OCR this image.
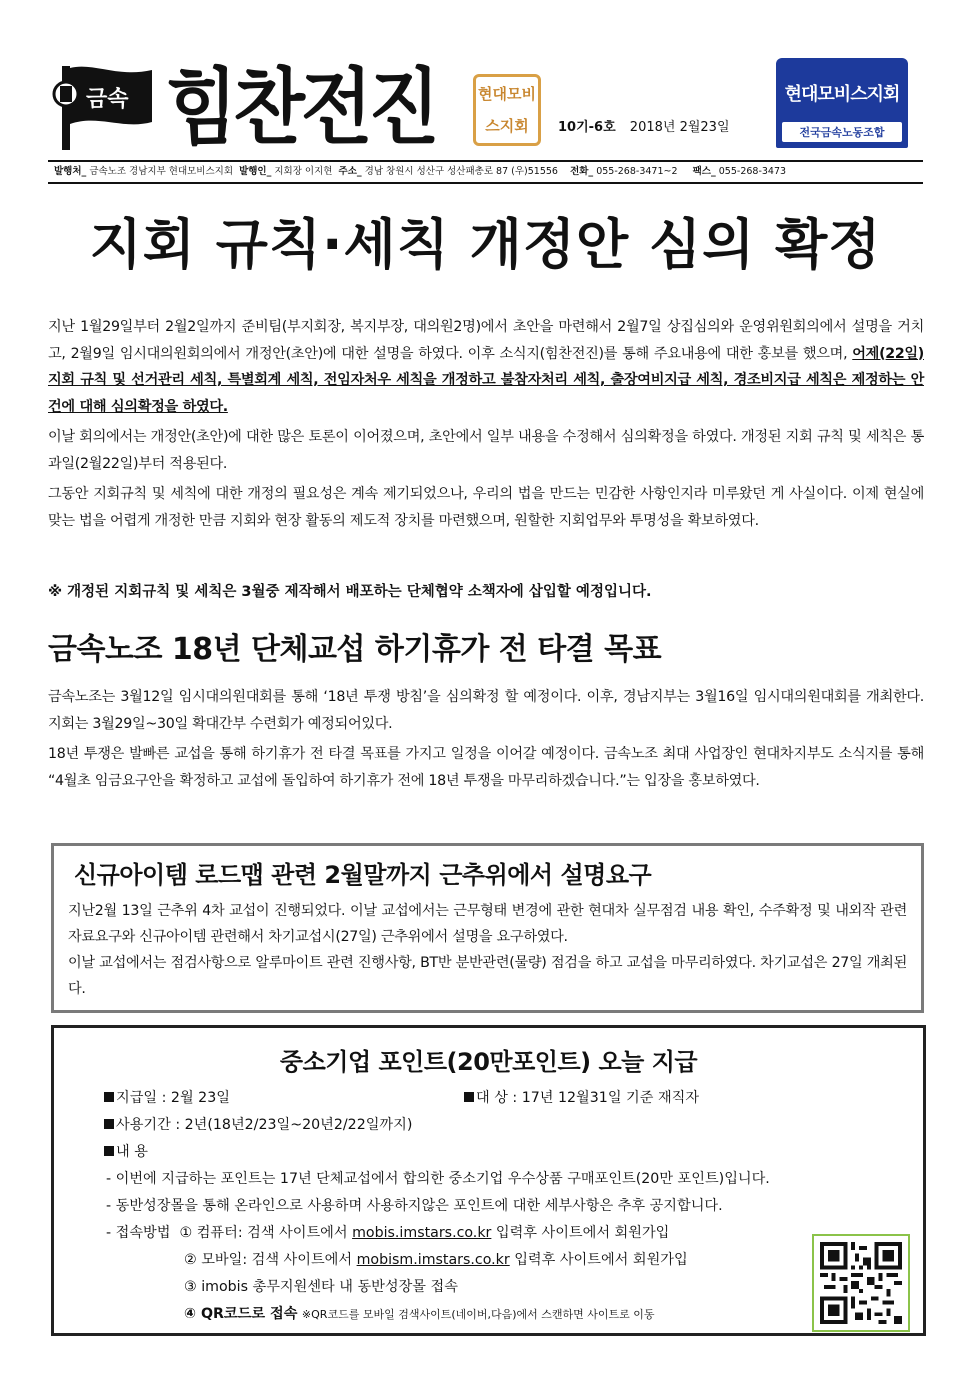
금속 힘찬전진	현대모비스지회	10기-6호 2018년 2월23일
현대모비스지회
전국금속노동조합
발행처_ 금속노조 경남지부 현대모비스지회 발행인_ 지회장 이지현 주소_ 경남 창원시 성산구 성산패총로 87 (우)51556 전화_ 055-268-3471~2 팩스_ 055-268-3473
지회 규칙·세칙 개정안 심의 확정

지난 1월29일부터 2월2일까지 준비팀(부지회장, 복지부장, 대의원2명)에서 초안을 마련해서 2월7일 상집심의와 운영위원회의에서 설명을 거치고, 2월9일 임시대의원회의에서 개정안(초안)에 대한 설명을 하였다. 이후 소식지(힘찬전진)를 통해 주요내용에 대한 홍보를 했으며, 어제(22일) 지회 규칙 및 선거관리 세칙, 특별회계 세칙, 전임자처우 세칙을 개정하고 불참자처리 세칙, 출장여비지급 세칙, 경조비지급 세칙은 제정하는 안건에 대해 심의확정을 하였다.

이날 회의에서는 개정안(초안)에 대한 많은 토론이 이어졌으며, 초안에서 일부 내용을 수정해서 심의확정을 하였다. 개정된 지회 규칙 및 세칙은 통과일(2월22일)부터 적용된다.

그동안 지회규칙 및 세칙에 대한 개정의 필요성은 계속 제기되었으나, 우리의 법을 만드는 민감한 사항인지라 미루왔던 게 사실이다. 이제 현실에 맞는 법을 어렵게 개정한 만큼 지회와 현장 활동의 제도적 장치를 마련했으며, 원할한 지회업무와 투명성을 확보하였다.

※ 개정된 지회규칙 및 세칙은 3월중 제작해서 배포하는 단체협약 소책자에 삽입할 예정입니다.
금속노조 18년 단체교섭 하기휴가 전 타결 목표

금속노조는 3월12일 임시대의원대회를 통해 ‘18년 투쟁 방침’을 심의확정 할 예정이다. 이후, 경남지부는 3월16일 임시대의원대회를 개최한다. 지회는 3월29일~30일 확대간부 수련회가 예정되어있다.

18년 투쟁은 발빠른 교섭을 통해 하기휴가 전 타결 목표를 가지고 일정을 이어갈 예정이다. 금속노조 최대 사업장인 현대차지부도 소식지를 통해 “4월초 임금요구안을 확정하고 교섭에 돌입하여 하기휴가 전에 18년 투쟁을 마무리하겠습니다.”는 입장을 홍보하였다.

신규아이템 로드맵 관련 2월말까지 근추위에서 설명요구

지난2월 13일 근추위 4차 교섭이 진행되었다. 이날 교섭에서는 근무형태 변경에 관한 현대차 실무점검 내용 확인, 수주확정 및 내외작 관련 자료요구와 신규아이템 관련해서 차기교섭시(27일) 근추위에서 설명을 요구하였다.

이날 교섭에서는 점검사항으로 알루마이트 관련 진행사항, BT반 분반관련(물량) 점검을 하고 교섭을 마무리하였다. 차기교섭은 27일 개최된다.

중소기업 포인트(20만포인트) 오늘 지급
지급일 : 2월 23일	대 상 : 17년 12월31일 기준 재직자
사용기간 : 2년(18년2/23일~20년2/22일까지)
내 용
- 이번에 지급하는 포인트는 17년 단체교섭에서 합의한 중소기업 우수상품 구매포인트(20만 포인트)입니다.
- 동반성장몰을 통해 온라인으로 사용하며 사용하지않은 포인트에 대한 세부사항은 추후 공지합니다.
- 접속방법 ① 컴퓨터: 검색 사이트에서 mobis.imstars.co.kr 입력후 사이트에서 회원가입
② 모바일: 검색 사이트에서 mobism.imstars.co.kr 입력후 사이트에서 회원가입
③ imobis 총무지원센타 내 동반성장몰 접속
④ QR코드로 접속 ※QR코드를 모바일 검색사이트(네이버,다음)에서 스캔하면 사이트로 이동
